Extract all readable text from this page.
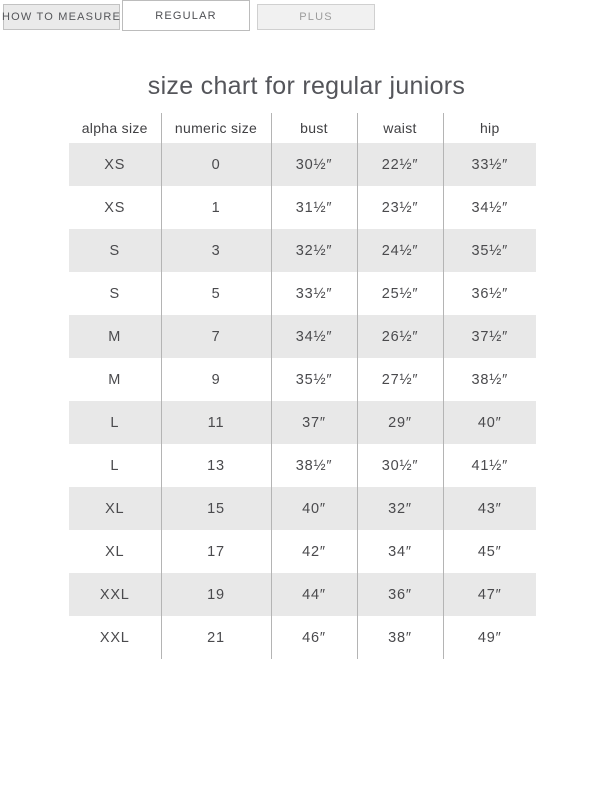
HOW TO MEASURE	REGULAR	PLUS
size chart for regular juniors
alpha size	numeric size	bust	waist	hip
XS	0	30½″	22½″	33½″
XS	1	31½″	23½″	34½″
S	3	32½″	24½″	35½″
S	5	33½″	25½″	36½″
M	7	34½″	26½″	37½″
M	9	35½″	27½″	38½″
L	11	37″	29″	40″
L	13	38½″	30½″	41½″
XL	15	40″	32″	43″
XL	17	42″	34″	45″
XXL	19	44″	36″	47″
XXL	21	46″	38″	49″
